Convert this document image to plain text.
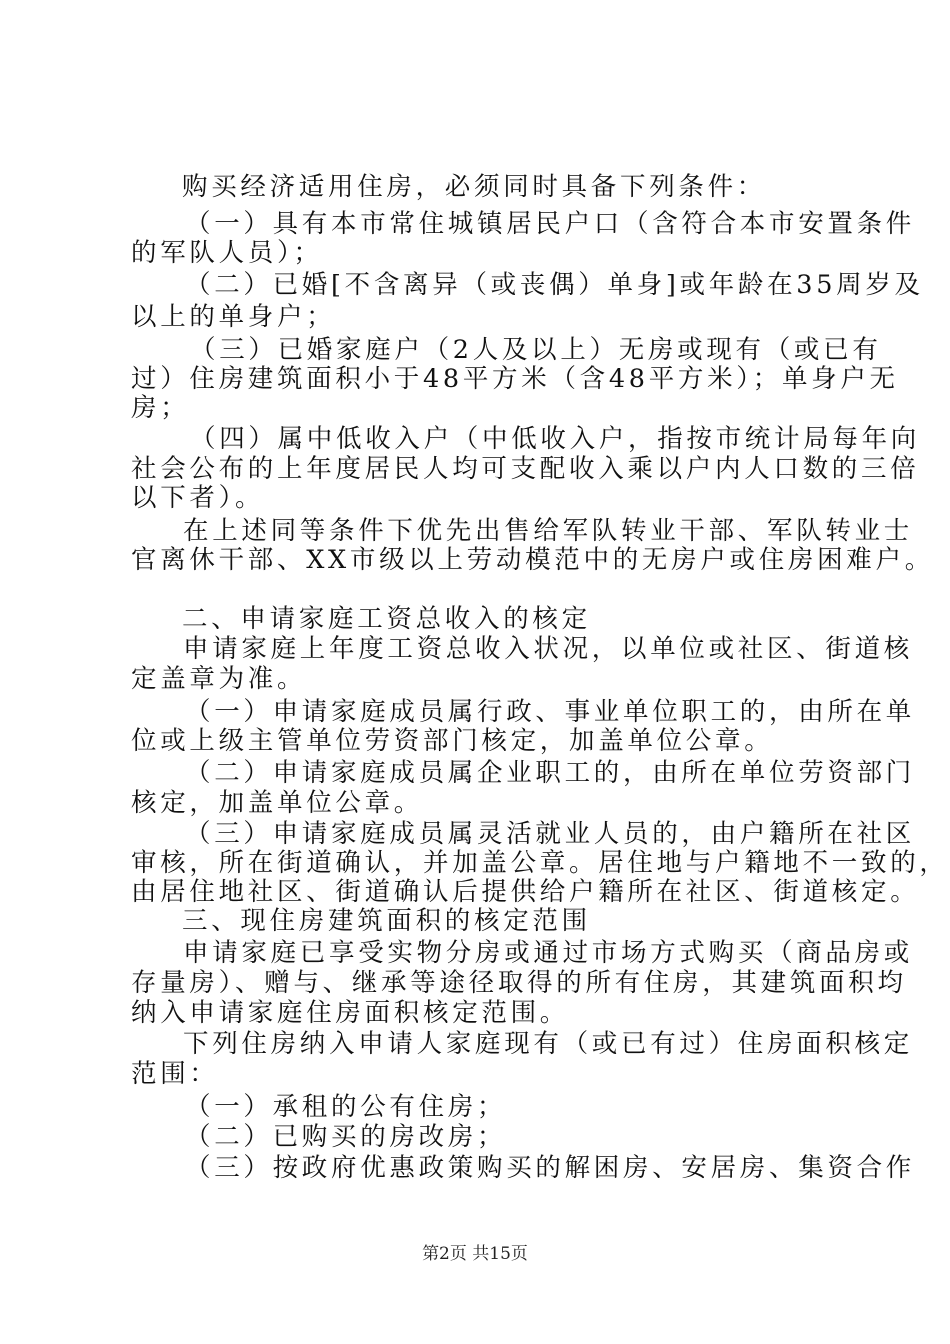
购买经济适用住房，必须同时具备下列条件：
（一）具有本市常住城镇居民户口（含符合本市安置条件
的军队人员）；
（二）已婚[不含离异（或丧偶）单身]或年龄在35周岁及
以上的单身户；
（三）已婚家庭户（2人及以上）无房或现有（或已有
过）住房建筑面积小于48平方米（含48平方米）；单身户无
房；
（四）属中低收入户（中低收入户，指按市统计局每年向
社会公布的上年度居民人均可支配收入乘以户内人口数的三倍
以下者）。
在上述同等条件下优先出售给军队转业干部、军队转业士
官离休干部、XX市级以上劳动模范中的无房户或住房困难户。
二、申请家庭工资总收入的核定
申请家庭上年度工资总收入状况，以单位或社区、街道核
定盖章为准。
（一）申请家庭成员属行政、事业单位职工的，由所在单
位或上级主管单位劳资部门核定，加盖单位公章。
（二）申请家庭成员属企业职工的，由所在单位劳资部门
核定，加盖单位公章。
（三）申请家庭成员属灵活就业人员的，由户籍所在社区
审核，所在街道确认，并加盖公章。居住地与户籍地不一致的，
由居住地社区、街道确认后提供给户籍所在社区、街道核定。
三、现住房建筑面积的核定范围
申请家庭已享受实物分房或通过市场方式购买（商品房或
存量房）、赠与、继承等途径取得的所有住房，其建筑面积均
纳入申请家庭住房面积核定范围。
下列住房纳入申请人家庭现有（或已有过）住房面积核定
范围：
（一）承租的公有住房；
（二）已购买的房改房；
（三）按政府优惠政策购买的解困房、安居房、集资合作
第2页 共15页
